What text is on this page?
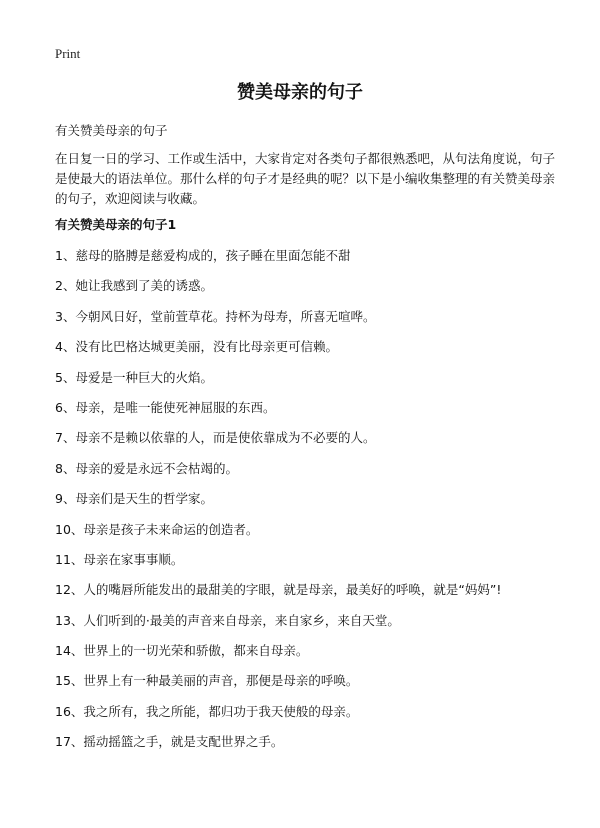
Print
赞美母亲的句子

有关赞美母亲的句子

在日复一日的学习、工作或生活中，大家肯定对各类句子都很熟悉吧，从句法角度说，句子是使最大的语法单位。那什么样的句子才是经典的呢？以下是小编收集整理的有关赞美母亲的句子，欢迎阅读与收藏。

有关赞美母亲的句子1
1、慈母的胳膊是慈爱构成的，孩子睡在里面怎能不甜
2、她让我感到了美的诱惑。
3、今朝风日好，堂前萱草花。持杯为母寿，所喜无喧哗。
4、没有比巴格达城更美丽，没有比母亲更可信赖。
5、母爱是一种巨大的火焰。
6、母亲，是唯一能使死神屈服的东西。
7、母亲不是赖以依靠的人，而是使依靠成为不必要的人。
8、母亲的爱是永远不会枯竭的。
9、母亲们是天生的哲学家。
10、母亲是孩子未来命运的创造者。
11、母亲在家事事顺。
12、人的嘴唇所能发出的最甜美的字眼，就是母亲，最美好的呼唤，就是“妈妈”!
13、人们听到的·最美的声音来自母亲，来自家乡，来自天堂。
14、世界上的一切光荣和骄傲，都来自母亲。
15、世界上有一种最美丽的声音，那便是母亲的呼唤。
16、我之所有，我之所能，都归功于我天使般的母亲。
17、摇动摇篮之手，就是支配世界之手。
